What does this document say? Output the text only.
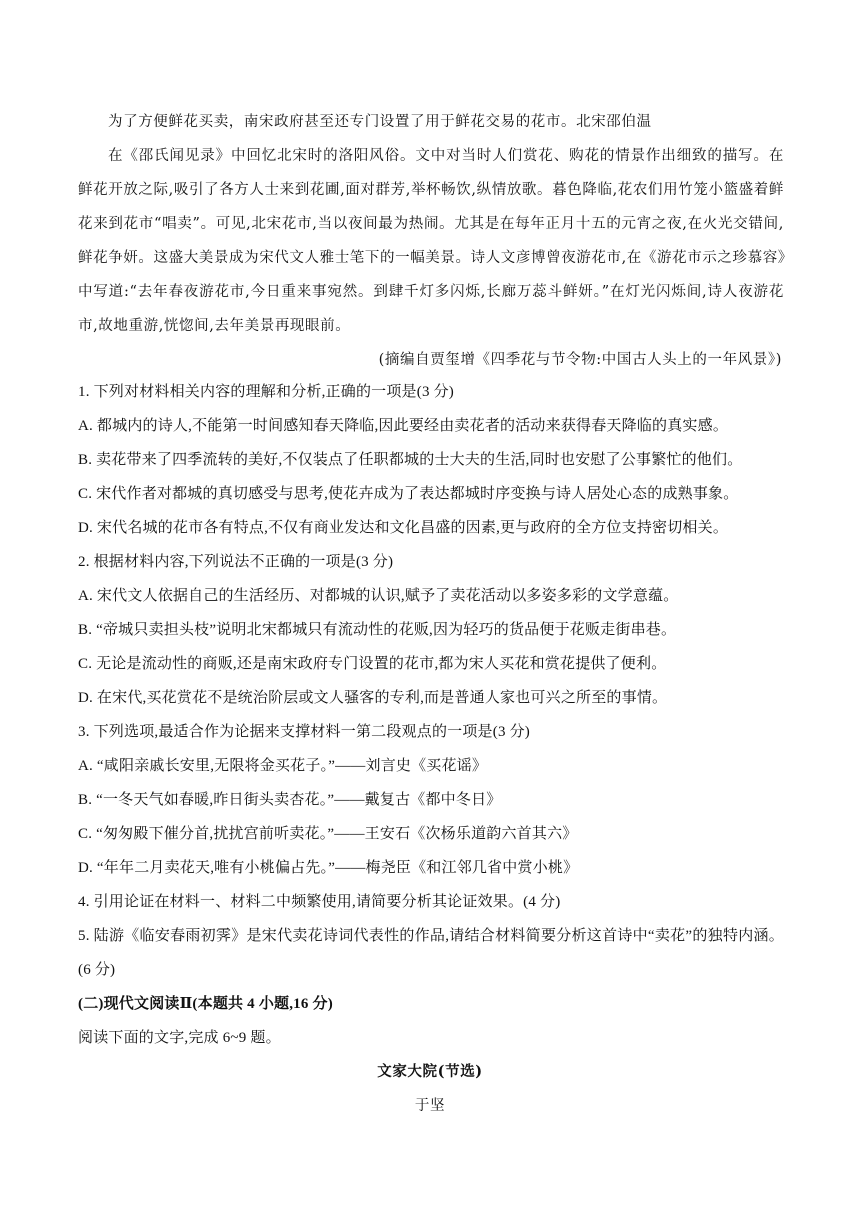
为了方便鲜花买卖，南宋政府甚至还专门设置了用于鲜花交易的花市。北宋邵伯温
在《邵氏闻见录》中回忆北宋时的洛阳风俗。文中对当时人们赏花、购花的情景作出细致的描写。在
鲜花开放之际,吸引了各方人士来到花圃,面对群芳,举杯畅饮,纵情放歌。暮色降临,花农们用竹笼小篮盛着鲜
花来到花市“唱卖”。可见,北宋花市,当以夜间最为热闹。尤其是在每年正月十五的元宵之夜,在火光交错间,
鲜花争妍。这盛大美景成为宋代文人雅士笔下的一幅美景。诗人文彦博曾夜游花市,在《游花市示之珍慕容》
中写道:“去年春夜游花市,今日重来事宛然。到肆千灯多闪烁,长廊万蕊斗鲜妍。”在灯光闪烁间,诗人夜游花
市,故地重游,恍惚间,去年美景再现眼前。
(摘编自贾玺增《四季花与节令物:中国古人头上的一年风景》)
1. 下列对材料相关内容的理解和分析,正确的一项是(3 分)
A. 都城内的诗人,不能第一时间感知春天降临,因此要经由卖花者的活动来获得春天降临的真实感。
B. 卖花带来了四季流转的美好,不仅装点了任职都城的士大夫的生活,同时也安慰了公事繁忙的他们。
C. 宋代作者对都城的真切感受与思考,使花卉成为了表达都城时序变换与诗人居处心态的成熟事象。
D. 宋代名城的花市各有特点,不仅有商业发达和文化昌盛的因素,更与政府的全方位支持密切相关。
2. 根据材料内容,下列说法不正确的一项是(3 分)
A. 宋代文人依据自己的生活经历、对都城的认识,赋予了卖花活动以多姿多彩的文学意蕴。
B. “帝城只卖担头枝”说明北宋都城只有流动性的花贩,因为轻巧的货品便于花贩走街串巷。
C. 无论是流动性的商贩,还是南宋政府专门设置的花市,都为宋人买花和赏花提供了便利。
D. 在宋代,买花赏花不是统治阶层或文人骚客的专利,而是普通人家也可兴之所至的事情。
3. 下列选项,最适合作为论据来支撑材料一第二段观点的一项是(3 分)
A. “咸阳亲戚长安里,无限将金买花子。”——刘言史《买花谣》
B. “一冬天气如春暖,昨日街头卖杏花。”——戴复古《都中冬日》
C. “匆匆殿下催分首,扰扰宫前听卖花。”——王安石《次杨乐道韵六首其六》
D. “年年二月卖花天,唯有小桃偏占先。”——梅尧臣《和江邻几省中赏小桃》
4. 引用论证在材料一、材料二中频繁使用,请简要分析其论证效果。(4 分)
5. 陆游《临安春雨初霁》是宋代卖花诗词代表性的作品,请结合材料简要分析这首诗中“卖花”的独特内涵。
(6 分)
(二)现代文阅读Ⅱ(本题共 4 小题,16 分)
阅读下面的文字,完成 6~9 题。
文家大院(节选)
于坚
